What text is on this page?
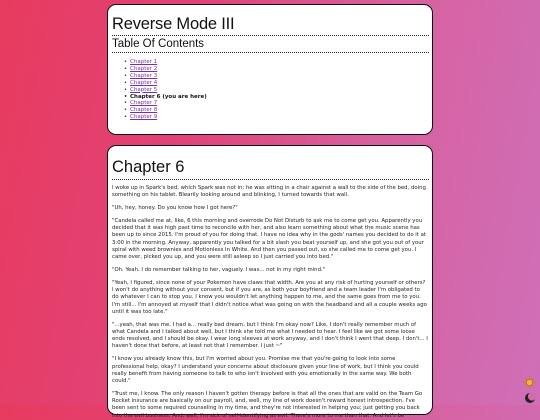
Reverse Mode III
Table Of Contents
• Chapter 1
• Chapter 2
• Chapter 3
• Chapter 4
• Chapter 5
• Chapter 6 (you are here)
• Chapter 7
• Chapter 8
• Chapter 9
Chapter 6

I woke up in Spark's bed, which Spark was not in; he was sitting in a chair against a wall to the side of the bed, doing something on his tablet. Blearily looking around and blinking, I turned towards that wall.

"Uh, hey, honey. Do you know how I got here?"

"Candela called me at, like, 6 this morning and overrode Do Not Disturb to ask me to come get you. Apparently you decided that it was high past time to reconcile with her, and also learn something about what the music scene has been up to since 2015. I'm proud of you for doing that. I have no idea why in the gods' names you decided to do it at 3:00 in the morning. Anyway, apparently you talked for a bit slash you beat yourself up, and she got you out of your spiral with weed brownies and Motionless In White. And then you passed out, so she called me to come get you. I came over, picked you up, and you were still asleep so I just carried you into bed."

"Oh. Yeah. I do remember talking to her, vaguely. I was... not in my right mind."

"Yeah, I figured, since none of your Pokemon have claws that width. Are you at any risk of hurting yourself or others? I won't do anything without your consent, but if you are, as both your boyfriend and a team leader I'm obligated to do whatever I can to stop you. I know you wouldn't let anything happen to me, and the same goes from me to you. I'm still... I'm annoyed at myself that I didn't notice what was going on with the headband and all a couple weeks ago until it was too late."

"...yeah, that was me. I had a... really bad dream, but I think I'm okay now? Like, I don't really remember much of what Candela and I talked about well, but I think she told me what I needed to hear. I feel like we got some loose ends resolved, and I should be okay. I wear long sleeves at work anyway, and I don't think I went that deep. I don't... I haven't done that before, at least not that I remember. I just ~"

"I know you already know this, but I'm worried about you. Promise me that you're going to look into some professional help, okay? I understand your concerns about disclosure given your line of work, but I think you could really benefit from having someone to talk to who isn't involved with you emotionally in the same way. We both could."

"Trust me, I know. The only reason I haven't gotten therapy before is that all the ones that are valid on the Team Go Rocket insurance are basically on our payroll, and, well, my line of work doesn't reward honest introspection. I've been sent to some required counseling in my time, and they're not interested in helping you; just getting you back into the evil business. And, well, I'm sick of self-identifying as evil. There's more to me than that. And let's be
